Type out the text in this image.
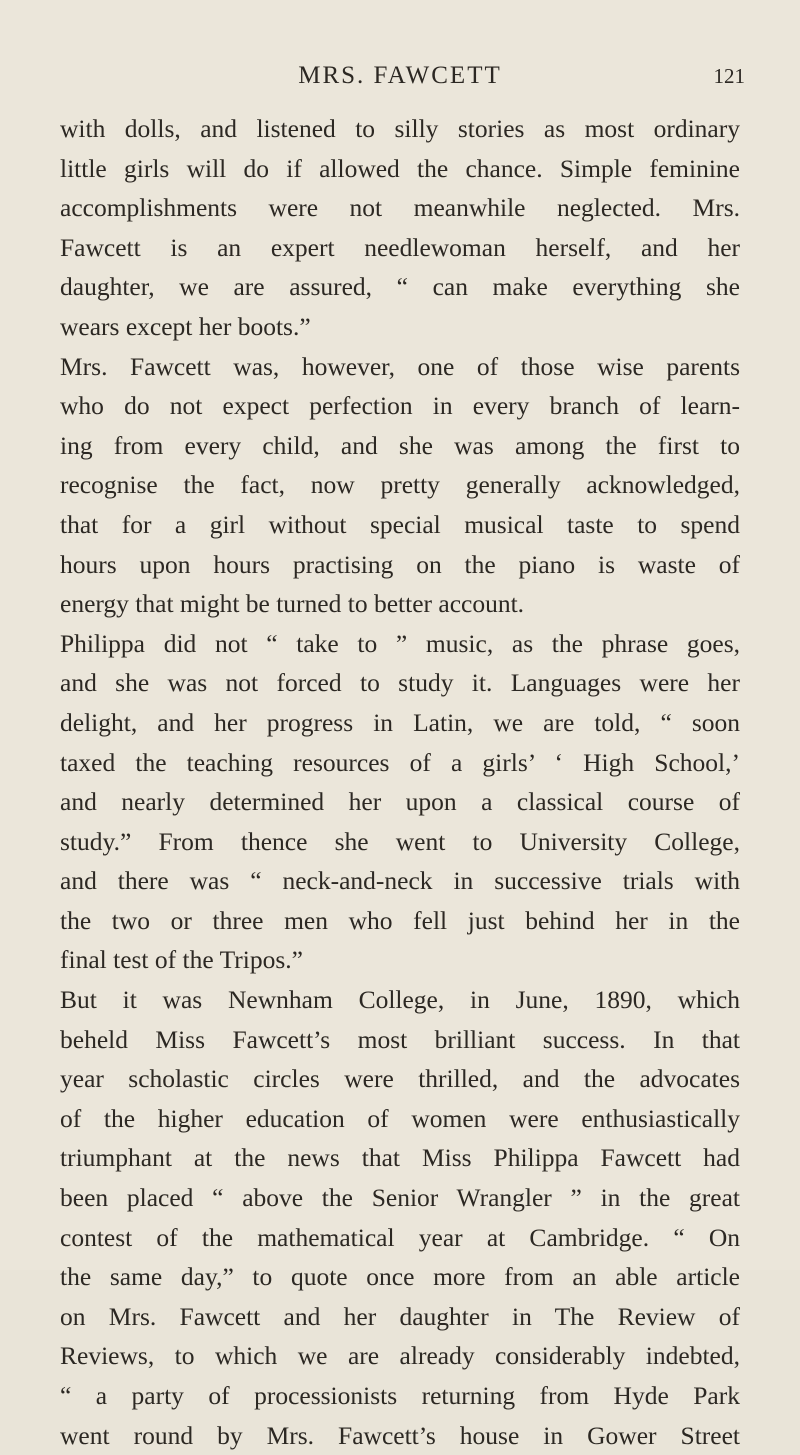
MRS. FAWCETT	121
with dolls, and listened to silly stories as most ordinary
little girls will do if allowed the chance. Simple feminine
accomplishments were not meanwhile neglected. Mrs.
Fawcett is an expert needlewoman herself, and her
daughter, we are assured, “ can make everything she
wears except her boots.”
Mrs. Fawcett was, however, one of those wise parents
who do not expect perfection in every branch of learn-
ing from every child, and she was among the first to
recognise the fact, now pretty generally acknowledged,
that for a girl without special musical taste to spend
hours upon hours practising on the piano is waste of
energy that might be turned to better account.
Philippa did not “ take to ” music, as the phrase goes,
and she was not forced to study it. Languages were her
delight, and her progress in Latin, we are told, “ soon
taxed the teaching resources of a girls’ ‘ High School,’
and nearly determined her upon a classical course of
study.” From thence she went to University College,
and there was “ neck-and-neck in successive trials with
the two or three men who fell just behind her in the
final test of the Tripos.”
But it was Newnham College, in June, 1890, which
beheld Miss Fawcett’s most brilliant success. In that
year scholastic circles were thrilled, and the advocates
of the higher education of women were enthusiastically
triumphant at the news that Miss Philippa Fawcett had
been placed “ above the Senior Wrangler ” in the great
contest of the mathematical year at Cambridge. “ On
the same day,” to quote once more from an able article
on Mrs. Fawcett and her daughter in The Review of
Reviews, to which we are already considerably indebted,
“ a party of processionists returning from Hyde Park
went round by Mrs. Fawcett’s house in Gower Street
